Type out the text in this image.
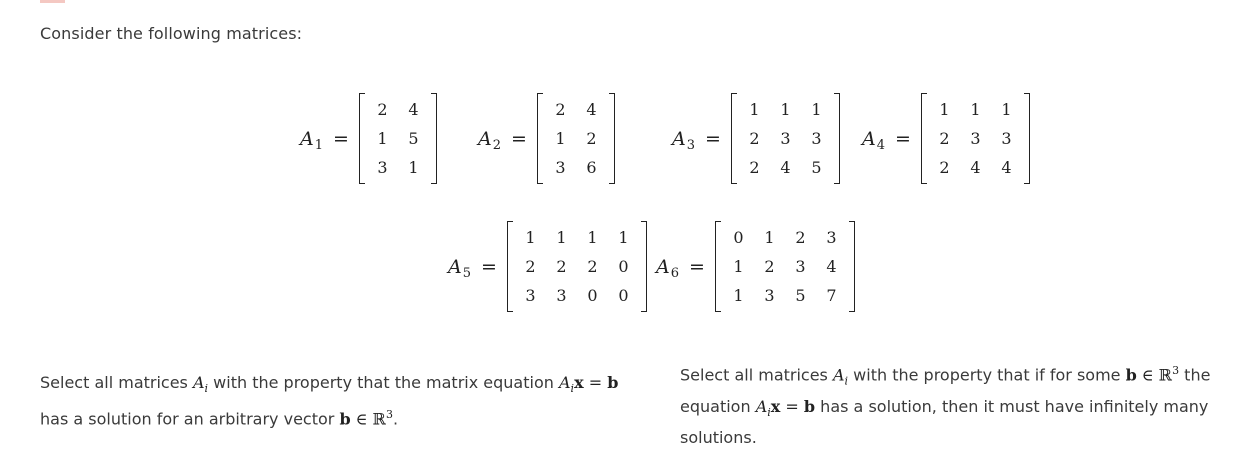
Consider the following matrices:
$A_1$ =
2	4
1	5
3	1
$A_2$ =
2	4
1	2
3	6
$A_3$ =
1	1	1
2	3	3
2	4	5
$A_4$ =
1	1	1
2	3	3
2	4	4
$A_5$ =
1	1	1	1
2	2	2	0
3	3	0	0
$A_6$ =
0	1	2	3
1	2	3	4
1	3	5	7
Select all matrices $A_i$ with the property that the matrix equation $A_ix = b$
has a solution for an arbitrary vector b ∈ ℝ$^3$.
Select all matrices $A_i$ with the property that if for some b ∈ ℝ$^3$ the
equation $A_ix = b$ has a solution, then it must have infinitely many
solutions.
